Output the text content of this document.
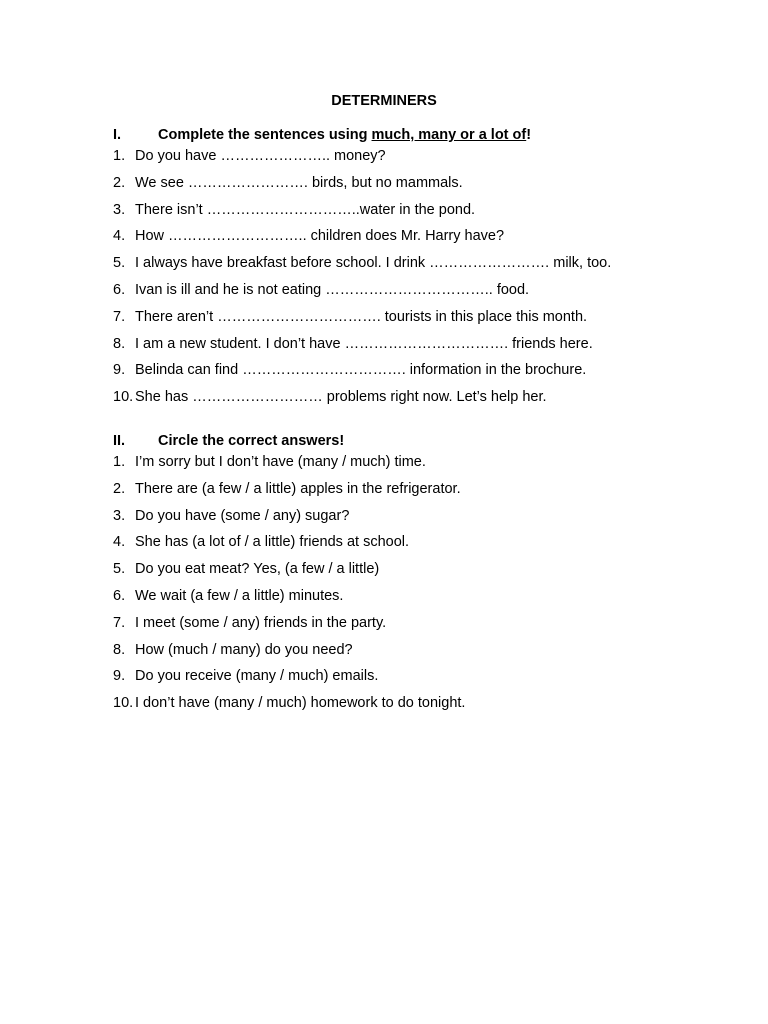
DETERMINERS
I.	Complete the sentences using much, many or a lot of!
1. Do you have ………………….. money?
2. We see ……………………. birds, but no mammals.
3. There isn’t …………………………..water in the pond.
4. How ……………………….. children does Mr. Harry have?
5. I always have breakfast before school. I drink ……………………. milk, too.
6. Ivan is ill and he is not eating …………………………….. food.
7. There aren’t ……………………………. tourists in this place this month.
8. I am a new student. I don’t have ……………………………. friends here.
9. Belinda can find ……………………………. information in the brochure.
10. She has ……………………… problems right now. Let’s help her.
II. Circle the correct answers!
1. I’m sorry but I don’t have (many / much) time.
2. There are (a few / a little) apples in the refrigerator.
3. Do you have (some / any) sugar?
4. She has (a lot of / a little) friends at school.
5. Do you eat meat? Yes, (a few / a little)
6. We wait (a few / a little) minutes.
7. I meet (some / any) friends in the party.
8. How (much / many) do you need?
9. Do you receive (many / much) emails.
10. I don’t have (many / much) homework to do tonight.
